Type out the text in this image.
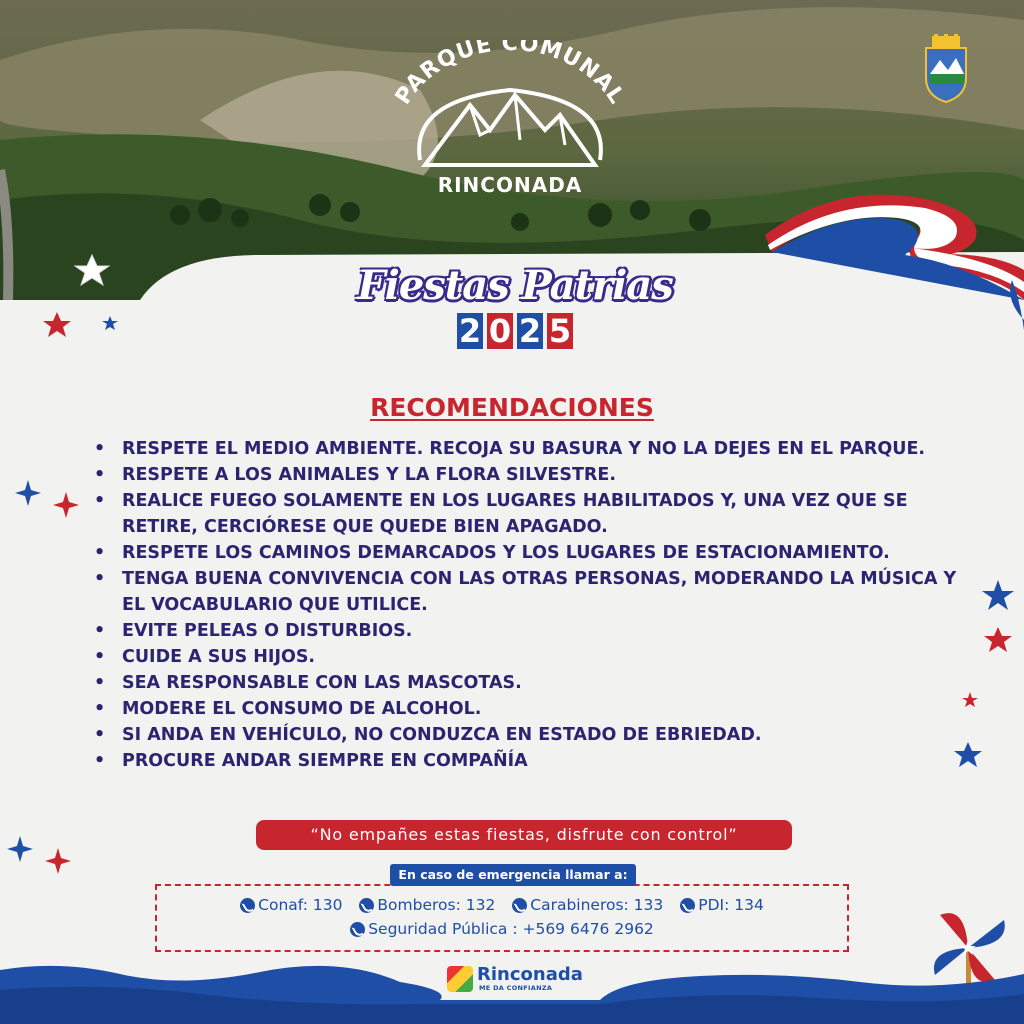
PARQUE COMUNAL
RINCONADA
Fiestas Patrias
2 0 2 5
RECOMENDACIONES
• RESPETE EL MEDIO AMBIENTE. RECOJA SU BASURA Y NO LA DEJES EN EL PARQUE.
• RESPETE A LOS ANIMALES Y LA FLORA SILVESTRE.
• REALICE FUEGO SOLAMENTE EN LOS LUGARES HABILITADOS Y, UNA VEZ QUE SE RETIRE, CERCIÓRESE QUE QUEDE BIEN APAGADO.
• RESPETE LOS CAMINOS DEMARCADOS Y LOS LUGARES DE ESTACIONAMIENTO.
• TENGA BUENA CONVIVENCIA CON LAS OTRAS PERSONAS, MODERANDO LA MÚSICA Y EL VOCABULARIO QUE UTILICE.
• EVITE PELEAS O DISTURBIOS.
• CUIDE A SUS HIJOS.
• SEA RESPONSABLE CON LAS MASCOTAS.
• MODERE EL CONSUMO DE ALCOHOL.
• SI ANDA EN VEHÍCULO, NO CONDUZCA EN ESTADO DE EBRIEDAD.
• PROCURE ANDAR SIEMPRE EN COMPAÑÍA
“No empañes estas fiestas, disfrute con control”
Conaf: 130
Bomberos: 132
Carabineros: 133
PDI: 134
Seguridad Pública : +569 6476 2962
En caso de emergencia llamar a:
Rinconada
ME DA CONFIANZA
